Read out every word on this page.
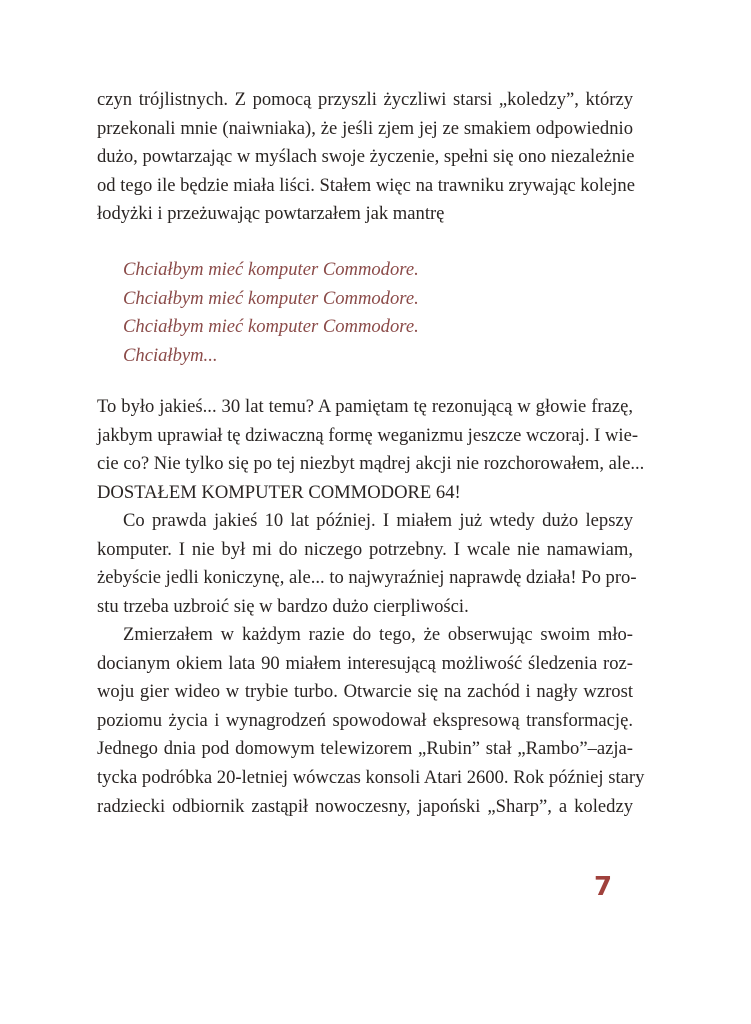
czyn trójlistnych. Z pomocą przyszli życzliwi starsi „koledzy”, którzy
przekonali mnie (naiwniaka), że jeśli zjem jej ze smakiem odpowiednio
dużo, powtarzając w myślach swoje życzenie, spełni się ono niezależnie
od tego ile będzie miała liści. Stałem więc na trawniku zrywając kolejne
łodyżki i przeżuwając powtarzałem jak mantrę
Chciałbym mieć komputer Commodore.
Chciałbym mieć komputer Commodore.
Chciałbym mieć komputer Commodore.
Chciałbym...
To było jakieś... 30 lat temu? A pamiętam tę rezonującą w głowie frazę,
jakbym uprawiał tę dziwaczną formę weganizmu jeszcze wczoraj. I wie-
cie co? Nie tylko się po tej niezbyt mądrej akcji nie rozchorowałem, ale...
DOSTAŁEM KOMPUTER COMMODORE 64!
Co prawda jakieś 10 lat później. I miałem już wtedy dużo lepszy
komputer. I nie był mi do niczego potrzebny. I wcale nie namawiam,
żebyście jedli koniczynę, ale... to najwyraźniej naprawdę działa! Po pro-
stu trzeba uzbroić się w bardzo dużo cierpliwości.
Zmierzałem w każdym razie do tego, że obserwując swoim mło-
docianym okiem lata 90 miałem interesującą możliwość śledzenia roz-
woju gier wideo w trybie turbo. Otwarcie się na zachód i nagły wzrost
poziomu życia i wynagrodzeń spowodował ekspresową transformację.
Jednego dnia pod domowym telewizorem „Rubin” stał „Rambo”–azja-
tycka podróbka 20-letniej wówczas konsoli Atari 2600. Rok później stary
radziecki odbiornik zastąpił nowoczesny, japoński „Sharp”, a koledzy
7
